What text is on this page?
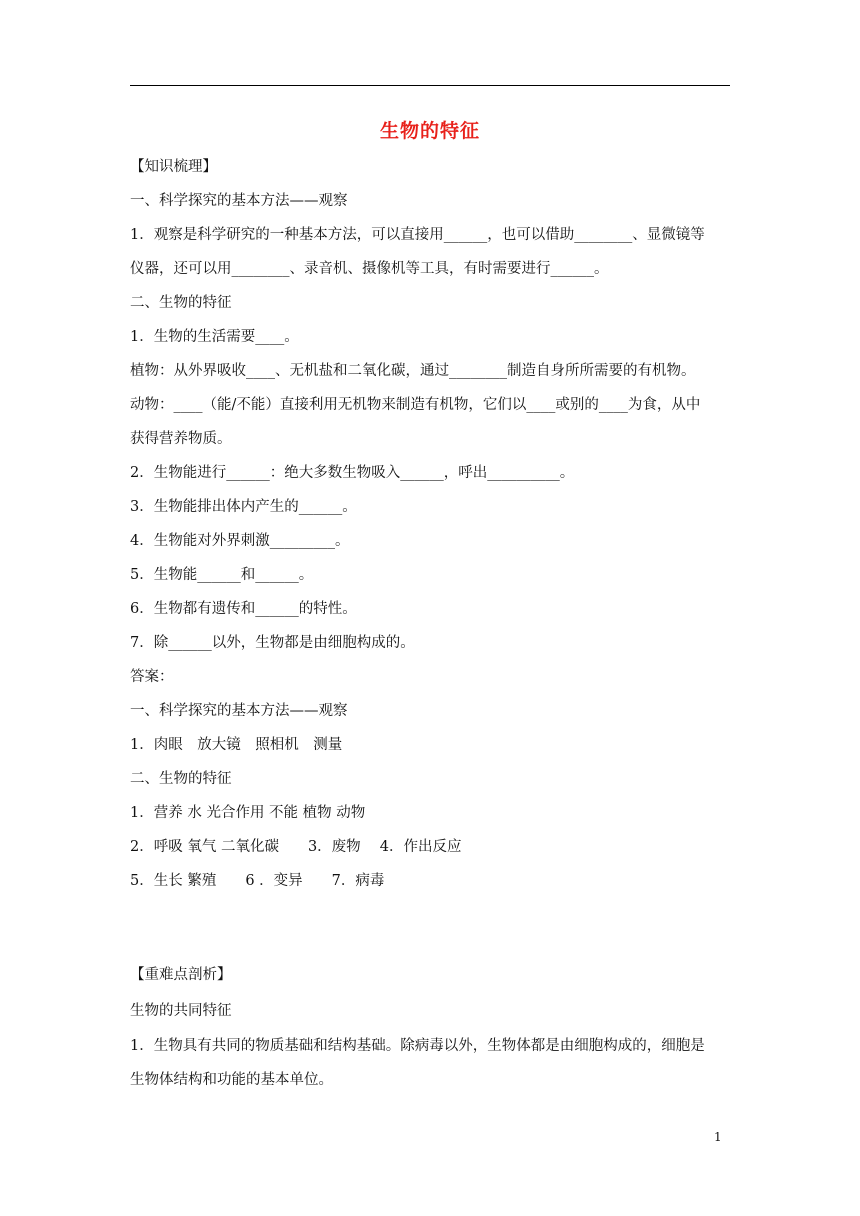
生物的特征
【知识梳理】
一、科学探究的基本方法——观察
1．观察是科学研究的一种基本方法，可以直接用______，也可以借助________、显微镜等
仪器，还可以用________、录音机、摄像机等工具，有时需要进行______。
二、生物的特征
1．生物的生活需要____。
植物：从外界吸收____、无机盐和二氧化碳，通过________制造自身所所需要的有机物。
动物：____（能/不能）直接利用无机物来制造有机物，它们以____或别的____为食，从中
获得营养物质。
2．生物能进行______：绝大多数生物吸入______，呼出__________。
3．生物能排出体内产生的______。
4．生物能对外界刺激_________。
5．生物能______和______。
6．生物都有遗传和______的特性。
7．除______以外，生物都是由细胞构成的。
答案：
一、科学探究的基本方法——观察
1．肉眼　放大镜　照相机　测量
二、生物的特征
1．营养 水 光合作用 不能 植物 动物
2．呼吸 氧气 二氧化碳　　3．废物　 4．作出反应
5．生长 繁殖　　6 ．变异　　7．病毒
【重难点剖析】
生物的共同特征
1．生物具有共同的物质基础和结构基础。除病毒以外，生物体都是由细胞构成的，细胞是
生物体结构和功能的基本单位。
1
